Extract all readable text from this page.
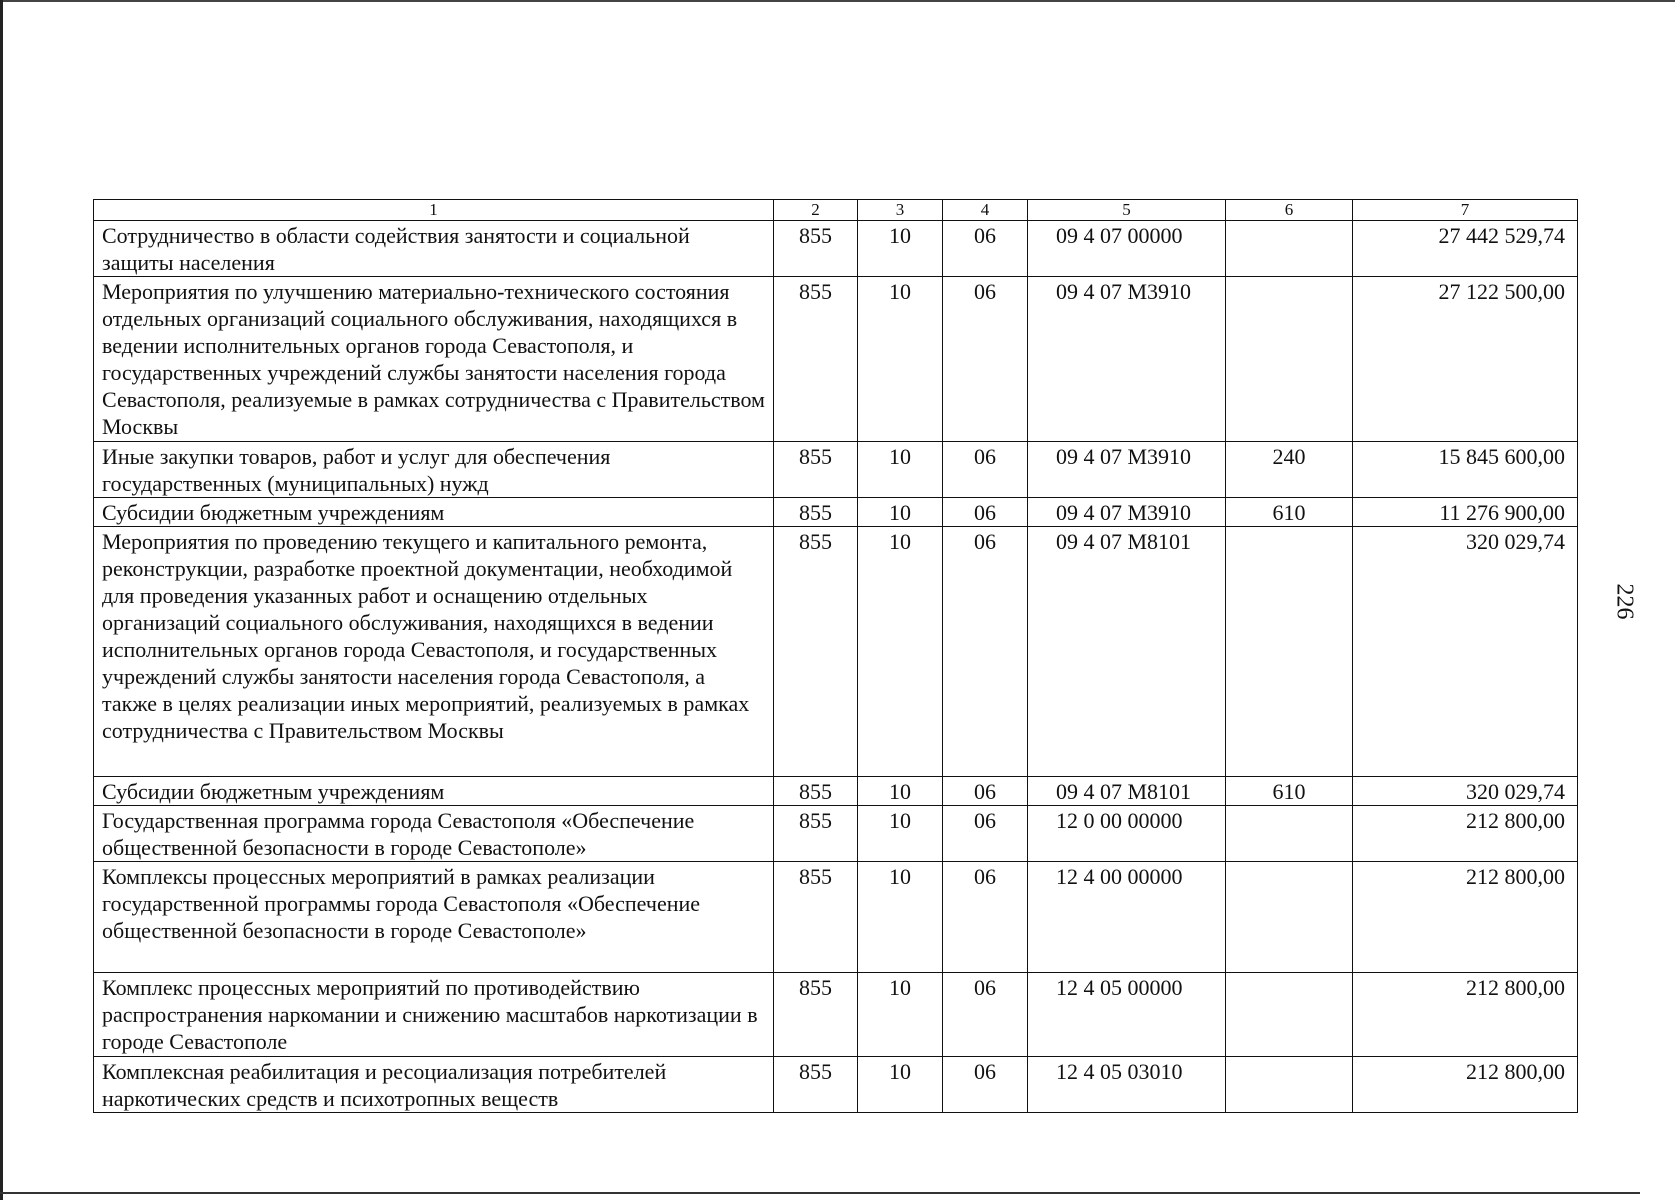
1	2	3	4	5	6	7
Сотрудничество в области содействия занятости и социальной защиты населения	855	10	06	09 4 07 00000		27 442 529,74
Мероприятия по улучшению материально-технического состояния отдельных организаций социального обслуживания, находящихся в ведении исполнительных органов города Севастополя, и государственных учреждений службы занятости населения города Севастополя, реализуемые в рамках сотрудничества с Правительством Москвы	855	10	06	09 4 07 М3910		27 122 500,00
Иные закупки товаров, работ и услуг для обеспечения государственных (муниципальных) нужд	855	10	06	09 4 07 М3910	240	15 845 600,00
Субсидии бюджетным учреждениям	855	10	06	09 4 07 М3910	610	11 276 900,00
Мероприятия по проведению текущего и капитального ремонта, реконструкции, разработке проектной документации, необходимой для проведения указанных работ и оснащению отдельных организаций социального обслуживания, находящихся в ведении исполнительных органов города Севастополя, и государственных учреждений службы занятости населения города Севастополя, а также в целях реализации иных мероприятий, реализуемых в рамках сотрудничества с Правительством Москвы	855	10	06	09 4 07 М8101		320 029,74
Субсидии бюджетным учреждениям	855	10	06	09 4 07 М8101	610	320 029,74
Государственная программа города Севастополя «Обеспечение общественной безопасности в городе Севастополе»	855	10	06	12 0 00 00000		212 800,00
Комплексы процессных мероприятий в рамках реализации государственной программы города Севастополя «Обеспечение общественной безопасности в городе Севастополе»	855	10	06	12 4 00 00000		212 800,00
Комплекс процессных мероприятий по противодействию распространения наркомании и снижению масштабов наркотизации в городе Севастополе	855	10	06	12 4 05 00000		212 800,00
Комплексная реабилитация и ресоциализация потребителей наркотических средств и психотропных веществ	855	10	06	12 4 05 03010		212 800,00
226
